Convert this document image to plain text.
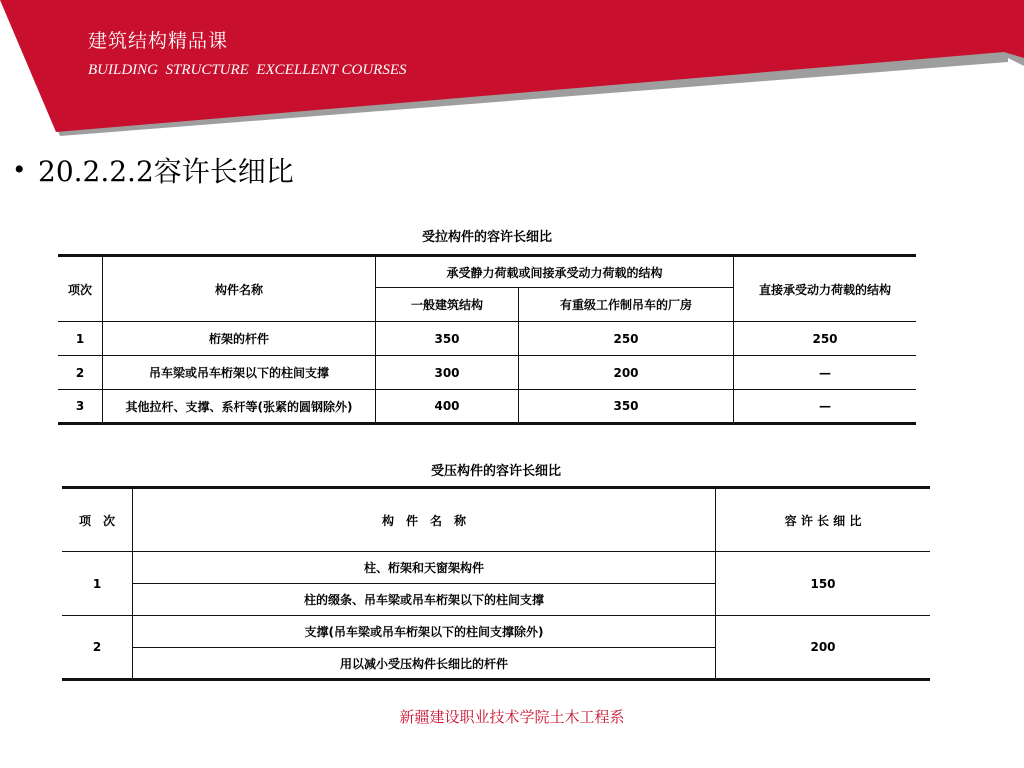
建筑结构精品课
BUILDING  STRUCTURE  EXCELLENT COURSES
• 20.2.2.2容许长细比
受拉构件的容许长细比
项次	构件名称	承受静力荷载或间接承受动力荷载的结构		直接承受动力荷载的结构
		一般建筑结构	有重级工作制吊车的厂房	
1	桁架的杆件	350	250	250
2	吊车梁或吊车桁架以下的柱间支撑	300	200	—
3	其他拉杆、支撑、系杆等(张紧的圆钢除外)	400	350	—
受压构件的容许长细比
项　次	构　件　名　称	容 许 长 细 比
1	柱、桁架和天窗架构件	150
	柱的缀条、吊车梁或吊车桁架以下的柱间支撑	
2	支撑(吊车梁或吊车桁架以下的柱间支撑除外)	200
	用以减小受压构件长细比的杆件	
新疆建设职业技术学院土木工程系
